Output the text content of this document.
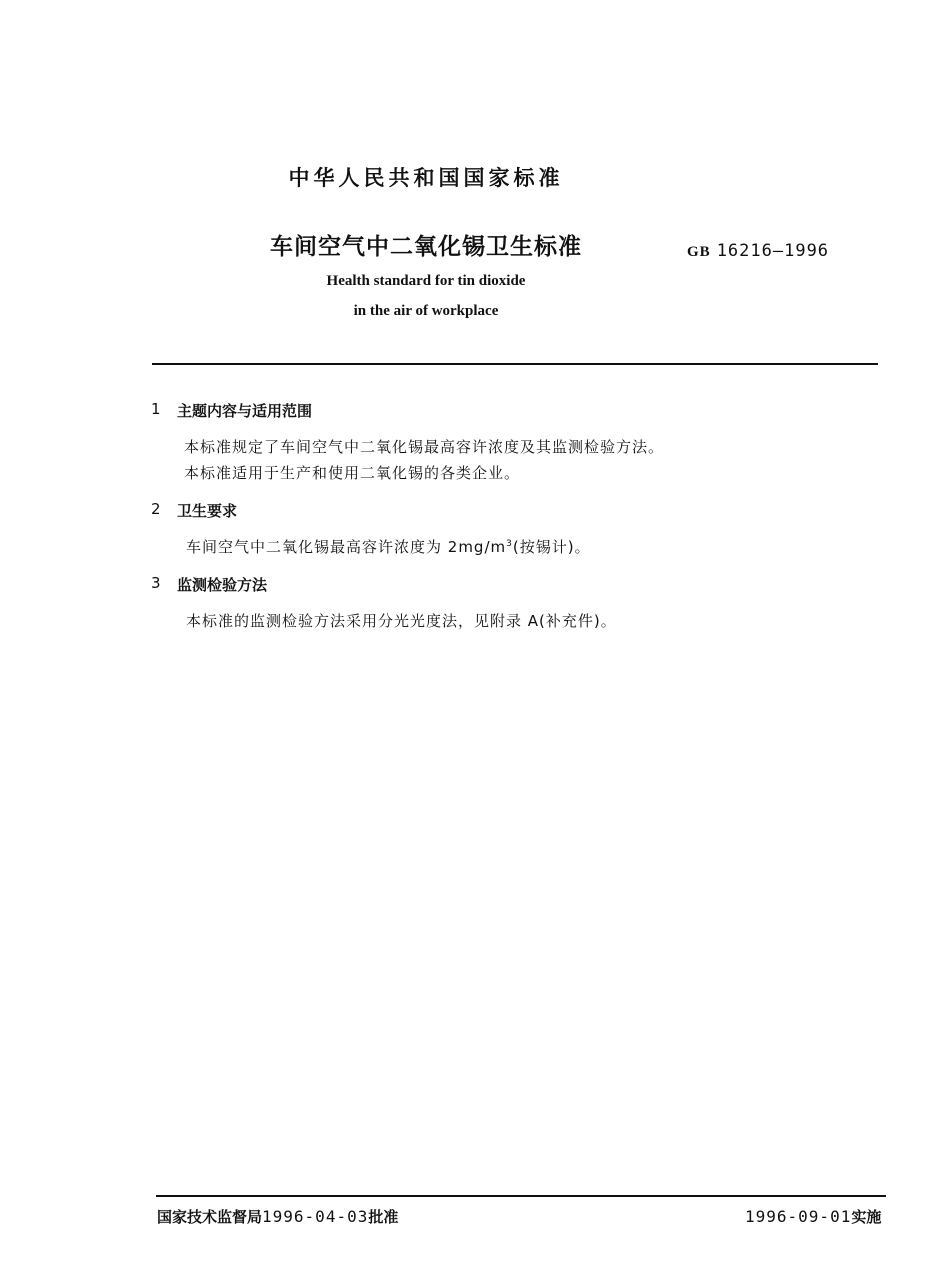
中华人民共和国国家标准
车间空气中二氧化锡卫生标准	GB 16216—1996
Health standard for tin dioxide
in the air of workplace
1 主题内容与适用范围
本标准规定了车间空气中二氧化锡最高容许浓度及其监测检验方法。
本标准适用于生产和使用二氧化锡的各类企业。
2 卫生要求
车间空气中二氧化锡最高容许浓度为 $2mg/m^3$(按锡计)。
3 监测检验方法
本标准的监测检验方法采用分光光度法，见附录 A(补充件)。
国家技术监督局1996-04-03批准	1996-09-01实施
